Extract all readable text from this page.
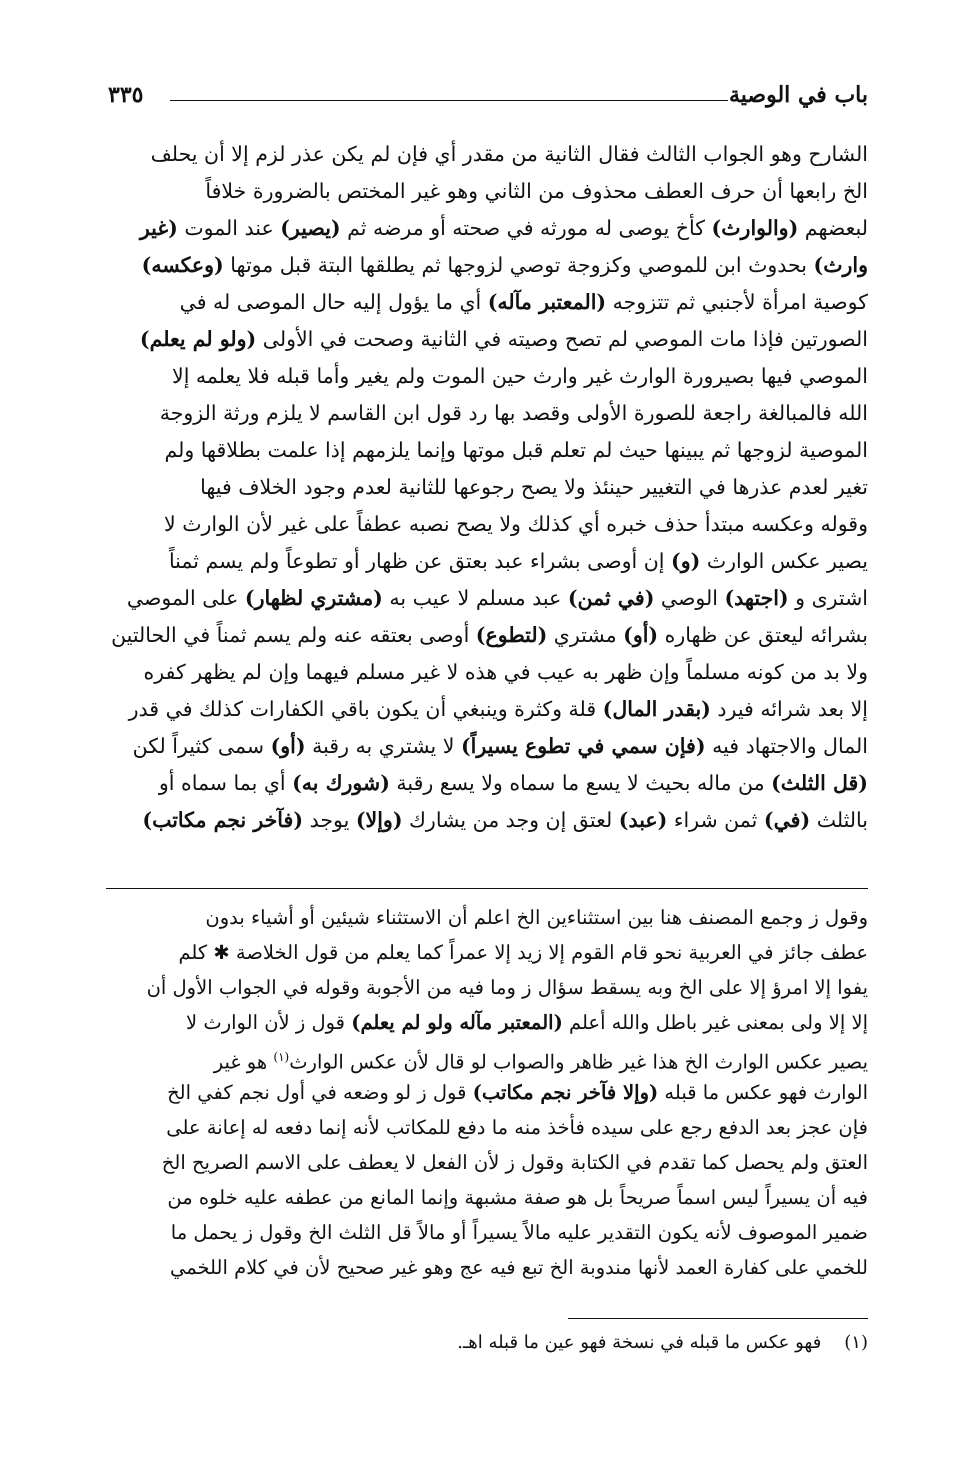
باب في الوصية
٣٣٥
الشارح وهو الجواب الثالث فقال الثانية من مقدر أي فإن لم يكن عذر لزم إلا أن يحلف
الخ رابعها أن حرف العطف محذوف من الثاني وهو غير المختص بالضرورة خلافاً
لبعضهم (والوارث) كأخ يوصى له مورثه في صحته أو مرضه ثم (يصير) عند الموت (غير
وارث) بحدوث ابن للموصي وكزوجة توصي لزوجها ثم يطلقها البتة قبل موتها (وعكسه)
كوصية امرأة لأجنبي ثم تتزوجه (المعتبر مآله) أي ما يؤول إليه حال الموصى له في
الصورتين فإذا مات الموصي لم تصح وصيته في الثانية وصحت في الأولى (ولو لم يعلم)
الموصي فيها بصيرورة الوارث غير وارث حين الموت ولم يغير وأما قبله فلا يعلمه إلا
الله فالمبالغة راجعة للصورة الأولى وقصد بها رد قول ابن القاسم لا يلزم ورثة الزوجة
الموصية لزوجها ثم يبينها حيث لم تعلم قبل موتها وإنما يلزمهم إذا علمت بطلاقها ولم
تغير لعدم عذرها في التغيير حينئذ ولا يصح رجوعها للثانية لعدم وجود الخلاف فيها
وقوله وعكسه مبتدأ حذف خبره أي كذلك ولا يصح نصبه عطفاً على غير لأن الوارث لا
يصير عكس الوارث (و) إن أوصى بشراء عبد بعتق عن ظهار أو تطوعاً ولم يسم ثمناً
اشترى و (اجتهد) الوصي (في ثمن) عبد مسلم لا عيب به (مشتري لظهار) على الموصي
بشرائه ليعتق عن ظهاره (أو) مشتري (لتطوع) أوصى بعتقه عنه ولم يسم ثمناً في الحالتين
ولا بد من كونه مسلماً وإن ظهر به عيب في هذه لا غير مسلم فيهما وإن لم يظهر كفره
إلا بعد شرائه فيرد (بقدر المال) قلة وكثرة وينبغي أن يكون باقي الكفارات كذلك في قدر
المال والاجتهاد فيه (فإن سمي في تطوع يسيراً) لا يشتري به رقبة (أو) سمى كثيراً لكن
(قل الثلث) من ماله بحيث لا يسع ما سماه ولا يسع رقبة (شورك به) أي بما سماه أو
بالثلث (في) ثمن شراء (عبد) لعتق إن وجد من يشارك (وإلا) يوجد (فآخر نجم مكاتب)
وقول ز وجمع المصنف هنا بين استثناءين الخ اعلم أن الاستثناء شيئين أو أشياء بدون
عطف جائز في العربية نحو قام القوم إلا زيد إلا عمراً كما يعلم من قول الخلاصة ✱ كلم
يفوا إلا امرؤ إلا على الخ وبه يسقط سؤال ز وما فيه من الأجوبة وقوله في الجواب الأول أن
إلا إلا ولى بمعنى غير باطل والله أعلم (المعتبر مآله ولو لم يعلم) قول ز لأن الوارث لا
يصير عكس الوارث الخ هذا غير ظاهر والصواب لو قال لأن عكس الوارث$^{(١)}$ هو غير
الوارث فهو عكس ما قبله (وإلا فآخر نجم مكاتب) قول ز لو وضعه في أول نجم كفي الخ
فإن عجز بعد الدفع رجع على سيده فأخذ منه ما دفع للمكاتب لأنه إنما دفعه له إعانة على
العتق ولم يحصل كما تقدم في الكتابة وقول ز لأن الفعل لا يعطف على الاسم الصريح الخ
فيه أن يسيراً ليس اسماً صريحاً بل هو صفة مشبهة وإنما المانع من عطفه عليه خلوه من
ضمير الموصوف لأنه يكون التقدير عليه مالاً يسيراً أو مالاً قل الثلث الخ وقول ز يحمل ما
للخمي على كفارة العمد لأنها مندوبة الخ تبع فيه عج وهو غير صحيح لأن في كلام اللخمي
(١)    فهو عكس ما قبله في نسخة فهو عين ما قبله اهـ.
